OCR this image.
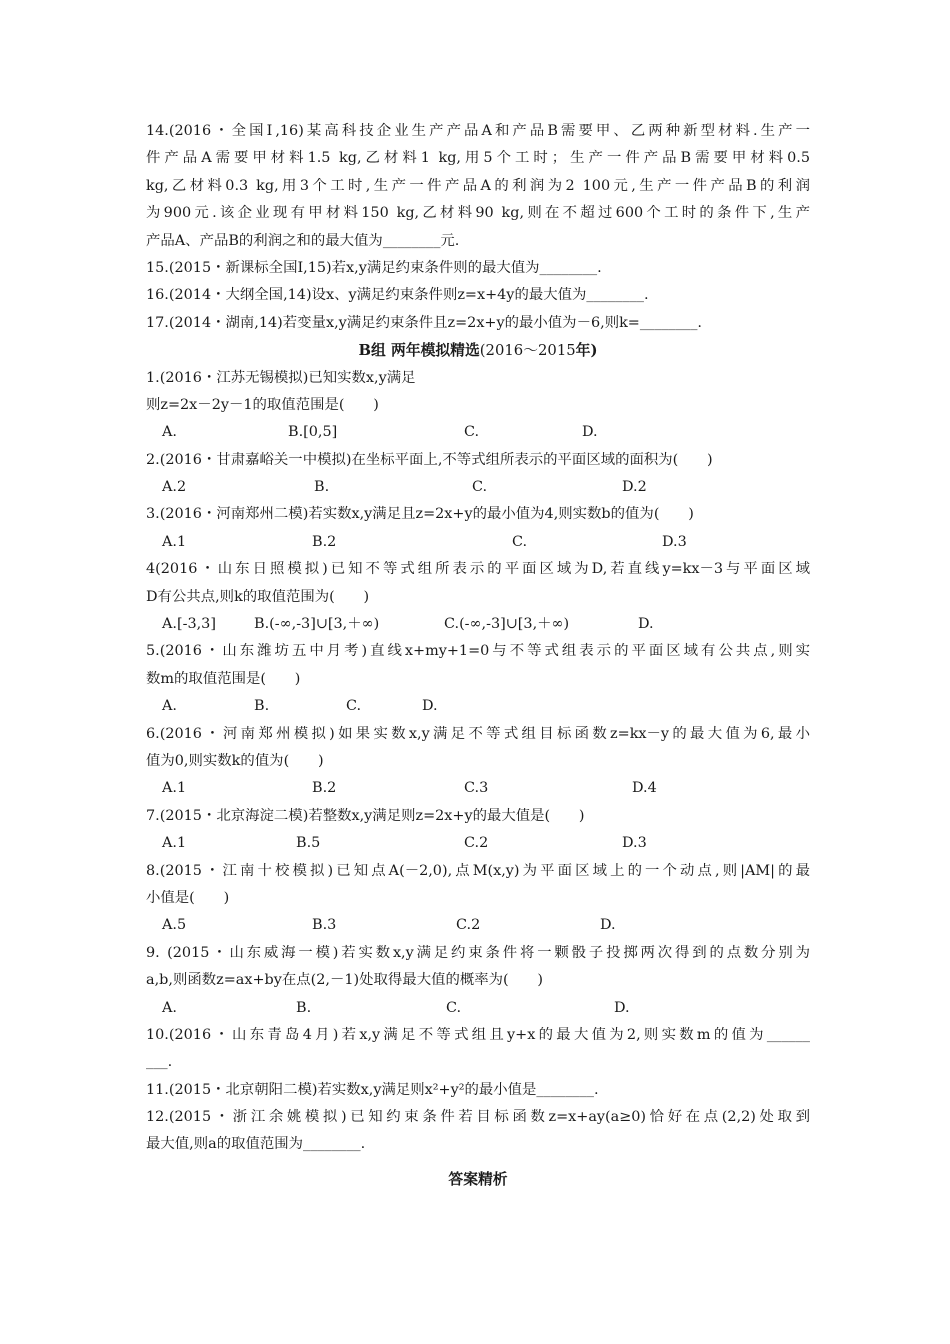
14.(2016・全国Ⅰ,16)某高科技企业生产产品A和产品B需要甲、乙两种新型材料.生产一
件产品A需要甲材料1.5 kg,乙材料1 kg,用5个工时；生产一件产品B需要甲材料0.5
kg,乙材料0.3 kg,用3个工时,生产一件产品A的利润为2 100元,生产一件产品B的利润
为900元.该企业现有甲材料150 kg,乙材料90 kg,则在不超过600个工时的条件下,生产
产品A、产品B的利润之和的最大值为________元.
15.(2015・新课标全国Ⅰ,15)若x,y满足约束条件则的最大值为________.
16.(2014・大纲全国,14)设x、y满足约束条件则z=x+4y的最大值为________.
17.(2014・湖南,14)若变量x,y满足约束条件且z=2x+y的最小值为－6,则k=________.
B组 两年模拟精选(2016～2015年)
1.(2016・江苏无锡模拟)已知实数x,y满足
则z=2x－2y－1的取值范围是(　　)
A.	B.[0,5]	C.	D.
2.(2016・甘肃嘉峪关一中模拟)在坐标平面上,不等式组所表示的平面区域的面积为(　　)
A.2	B.	C.	D.2
3.(2016・河南郑州二模)若实数x,y满足且z=2x+y的最小值为4,则实数b的值为(　　)
A.1	B.2	C.	D.3
4(2016・山东日照模拟)已知不等式组所表示的平面区域为D,若直线y=kx－3与平面区域
D有公共点,则k的取值范围为(　　)
A.[-3,3]	B.(-∞,-3]∪[3,＋∞)	C.(-∞,-3]∪[3,＋∞)	D.
5.(2016・山东潍坊五中月考)直线x+my+1=0与不等式组表示的平面区域有公共点,则实
数m的取值范围是(　　)
A.	B.	C.	D.
6.(2016・河南郑州模拟)如果实数x,y满足不等式组目标函数z=kx－y的最大值为6,最小
值为0,则实数k的值为(　　)
A.1	B.2	C.3	D.4
7.(2015・北京海淀二模)若整数x,y满足则z=2x+y的最大值是(　　)
A.1	B.5	C.2	D.3
8.(2015・江南十校模拟)已知点A(－2,0),点M(x,y)为平面区域上的一个动点,则|AM|的最
小值是(　　)
A.5	B.3	C.2	D.
9. (2015・山东威海一模)若实数x,y满足约束条件将一颗骰子投掷两次得到的点数分别为
a,b,则函数z=ax+by在点(2,－1)处取得最大值的概率为(　　)
A.	B.	C.	D.
10.(2016・山东青岛4月)若x,y满足不等式组且y+x的最大值为2,则实数m的值为______
___.
11.(2015・北京朝阳二模)若实数x,y满足则x²+y²的最小值是________.
12.(2015・浙江余姚模拟)已知约束条件若目标函数z=x+ay(a≥0)恰好在点(2,2)处取到
最大值,则a的取值范围为________.
答案精析
